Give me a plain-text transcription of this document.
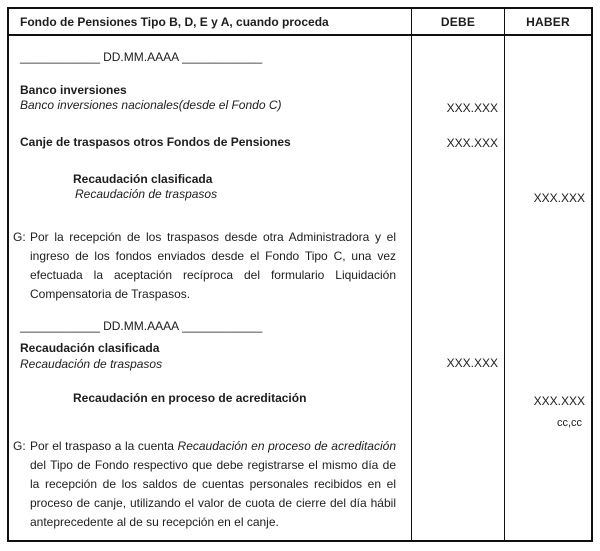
Fondo de Pensiones Tipo B, D, E y A, cuando proceda	DEBE	HABER
____________ DD.MM.AAAA ____________
Banco inversiones
Banco inversiones nacionales(desde el Fondo C)
Canje de traspasos otros Fondos de Pensiones
Recaudación clasificada
Recaudación de traspasos
G: Por la recepción de los traspasos desde otra Administradora y el ingreso de los fondos enviados desde el Fondo Tipo C, una vez efectuada la aceptación recíproca del formulario Liquidación Compensatoria de Traspasos.
____________ DD.MM.AAAA ____________
Recaudación clasificada
Recaudación de traspasos
Recaudación en proceso de acreditación
G: Por el traspaso a la cuenta Recaudación en proceso de acreditación del Tipo de Fondo respectivo que debe registrarse el mismo día de la recepción de los saldos de cuentas personales recibidos en el proceso de canje, utilizando el valor de cuota de cierre del día hábil anteprecedente al de su recepción en el canje.
XXX.XXX
XXX.XXX
XXX.XXX
XXX.XXX
XXX.XXX
cc,cc
